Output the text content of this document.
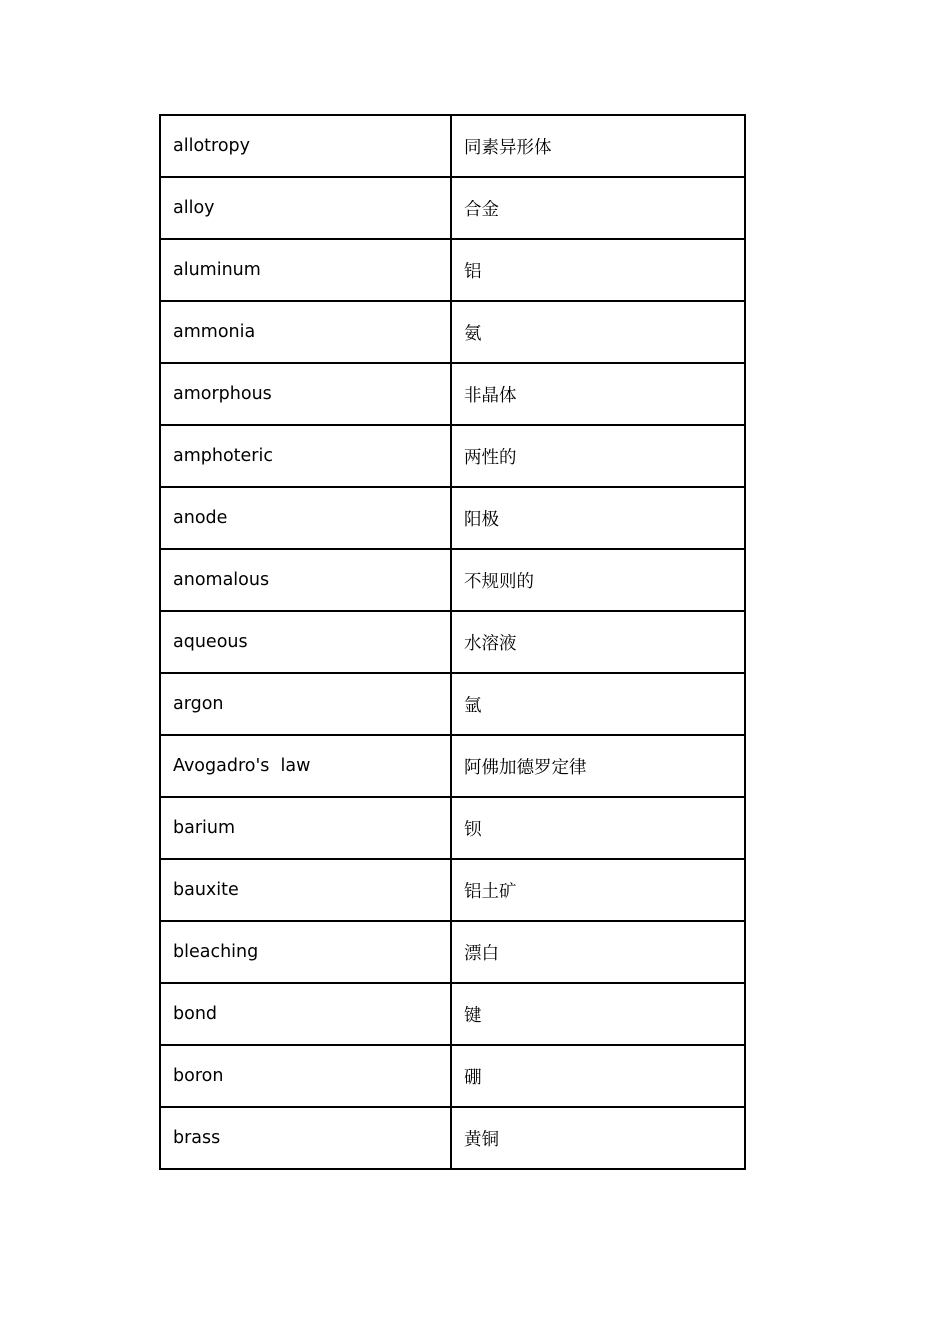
allotropy	同素异形体
alloy	合金
aluminum	铝
ammonia	氨
amorphous	非晶体
amphoteric	两性的
anode	阳极
anomalous	不规则的
aqueous	水溶液
argon	氩
Avogadro's  law	阿佛加德罗定律
barium	钡
bauxite	铝土矿
bleaching	漂白
bond	键
boron	硼
brass	黄铜
